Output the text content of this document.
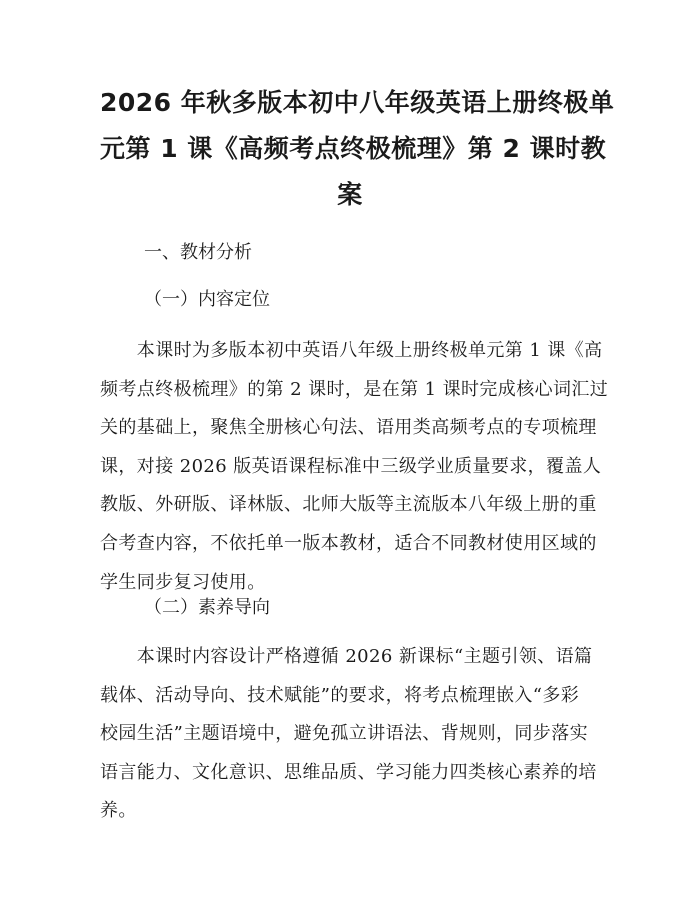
2026 年秋多版本初中八年级英语上册终极单
元第 1 课《高频考点终极梳理》第 2 课时教
案
一、教材分析
（一）内容定位
　　本课时为多版本初中英语八年级上册终极单元第 1 课《高
频考点终极梳理》的第 2 课时，是在第 1 课时完成核心词汇过
关的基础上，聚焦全册核心句法、语用类高频考点的专项梳理
课，对接 2026 版英语课程标准中三级学业质量要求，覆盖人
教版、外研版、译林版、北师大版等主流版本八年级上册的重
合考查内容，不依托单一版本教材，适合不同教材使用区域的
学生同步复习使用。
（二）素养导向
　　本课时内容设计严格遵循 2026 新课标“主题引领、语篇
载体、活动导向、技术赋能”的要求，将考点梳理嵌入“多彩
校园生活”主题语境中，避免孤立讲语法、背规则，同步落实
语言能力、文化意识、思维品质、学习能力四类核心素养的培
养。
